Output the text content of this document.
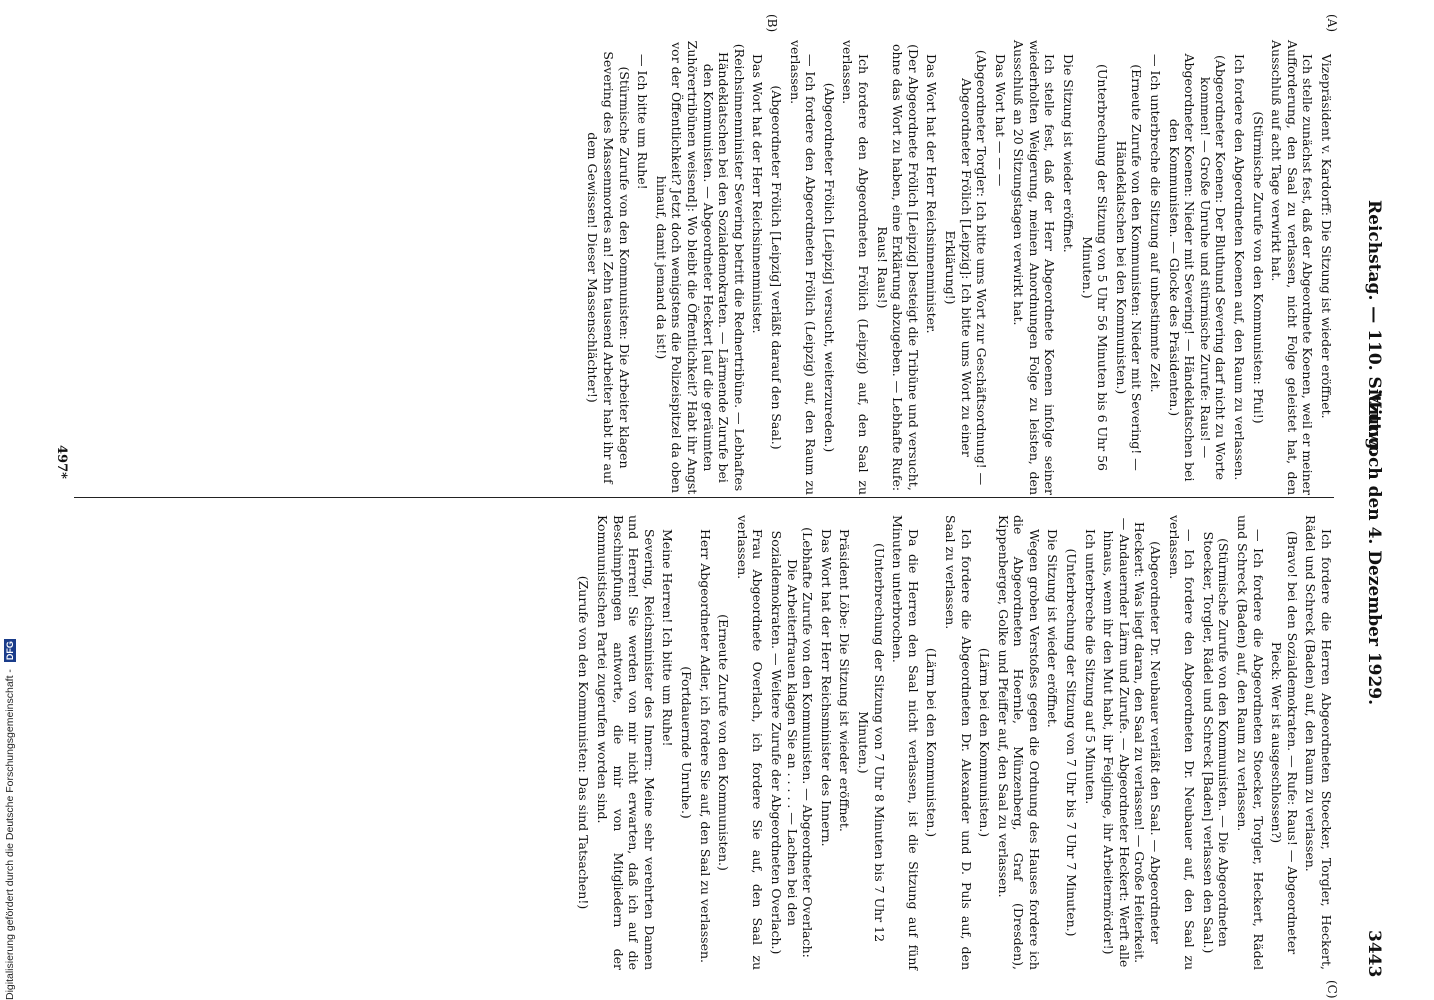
Reichstag. — 110. Sitzung.
Mittwoch den 4. Dezember 1929.
3443
(A)
(B)
(C)

Vizepräsident v. Kardorff: Die Sitzung ist wieder eröffnet.

Ich stelle zunächst fest, daß der Abgeordnete Koenen, weil er meiner Aufforderung, den Saal zu verlassen, nicht Folge geleistet hat, den Ausschluß auf acht Tage verwirkt hat.

(Stürmische Zurufe von den Kommunisten: Pfui!)

Ich fordere den Abgeordneten Koenen auf, den Raum zu verlassen.

(Abgeordneter Koenen: Der Bluthund Severing darf nicht zu Worte kommen! — Große Unruhe und stürmische Zurufe: Raus! — Abgeordneter Koenen: Nieder mit Severing! — Händeklatschen bei den Kommunisten. — Glocke des Präsidenten.)

— Ich unterbreche die Sitzung auf unbestimmte Zeit.

(Erneute Zurufe von den Kommunisten: Nieder mit Severing! — Händeklatschen bei den Kommunisten.)

(Unterbrechung der Sitzung von 5 Uhr 56 Minuten bis 6 Uhr 56 Minuten.)

Die Sitzung ist wieder eröffnet.

Ich stelle fest, daß der Herr Abgeordnete Koenen infolge seiner wiederholten Weigerung, meinen Anordnungen Folge zu leisten, den Ausschluß an 20 Sitzungstagen verwirkt hat.

Das Wort hat — — —

(Abgeordneter Torgler: Ich bitte ums Wort zur Geschäftsordnung! — Abgeordneter Frölich [Leipzig]: Ich bitte ums Wort zu einer Erklärung!)

Das Wort hat der Herr Reichsinnenminister.

(Der Abgeordnete Frölich [Leipzig] besteigt die Tribüne und versucht, ohne das Wort zu haben, eine Erklärung abzugeben. — Lebhafte Rufe: Raus! Raus!)

Ich fordere den Abgeordneten Frölich (Leipzig) auf, den Saal zu verlassen.

(Abgeordneter Frölich [Leipzig] versucht, weiterzureden.)

— Ich fordere den Abgeordneten Frölich (Leipzig) auf, den Raum zu verlassen.

(Abgeordneter Frölich [Leipzig] verläßt darauf den Saal.)

Das Wort hat der Herr Reichsinnenminister.

(Reichsinnenminister Severing betritt die Rednertribüne. — Lebhaftes Händeklatschen bei den Sozialdemokraten. — Lärmende Zurufe bei den Kommunisten. — Abgeordneter Heckert [auf die geräumten Zuhörertribünen weisend]: Wo bleibt die Öffentlichkeit? Habt ihr Angst vor der Öffentlichkeit? Jetzt doch wenigstens die Polizeispitzel da oben hinauf, damit jemand da ist!)

— Ich bitte um Ruhe!

(Stürmische Zurufe von den Kommunisten: Die Arbeiter klagen Severing des Massenmordes an! Zehn tausend Arbeiter habt ihr auf dem Gewissen! Dieser Massenschlächter!)

Ich fordere die Herren Abgeordneten Stoecker, Torgler, Heckert, Rädel und Schreck (Baden) auf, den Raum zu verlassen.

(Bravo! bei den Sozialdemokraten. — Rufe: Raus! — Abgeordneter Pieck: Wer ist ausgeschlossen?)

— Ich fordere die Abgeordneten Stoecker, Torgler, Heckert, Rädel und Schreck (Baden) auf, den Raum zu verlassen.

(Stürmische Zurufe von den Kommunisten. — Die Abgeordneten Stoecker, Torgler, Rädel und Schreck [Baden] verlassen den Saal.)

— Ich fordere den Abgeordneten Dr. Neubauer auf, den Saal zu verlassen.

(Abgeordneter Dr. Neubauer verläßt den Saal. — Abgeordneter Heckert: Was liegt daran, den Saal zu verlassen! — Große Heiterkeit. — Andauernder Lärm und Zurufe. — Abgeordneter Heckert: Werft alle hinaus, wenn ihr den Mut habt, ihr Feiglinge, ihr Arbeitermörder!)

Ich unterbreche die Sitzung auf 5 Minuten.

(Unterbrechung der Sitzung von 7 Uhr bis 7 Uhr 7 Minuten.)

Die Sitzung ist wieder eröffnet.

Wegen groben Verstoßes gegen die Ordnung des Hauses fordere ich die Abgeordneten Hoernle, Münzenberg, Graf (Dresden), Kippenberger, Golke und Pfeiffer auf, den Saal zu verlassen.

(Lärm bei den Kommunisten.)

Ich fordere die Abgeordneten Dr. Alexander und D. Puls auf, den Saal zu verlassen.

(Lärm bei den Kommunisten.)

Da die Herren den Saal nicht verlassen, ist die Sitzung auf fünf Minuten unterbrochen.

(Unterbrechung der Sitzung von 7 Uhr 8 Minuten bis 7 Uhr 12 Minuten.)

Präsident Löbe: Die Sitzung ist wieder eröffnet.

Das Wort hat der Herr Reichsminister des Innern.

(Lebhafte Zurufe von den Kommunisten. — Abgeordneter Overlach: Die Arbeiterfrauen klagen Sie an . . . . . — Lachen bei den Sozialdemokraten. — Weitere Zurufe der Abgeordneten Overlach.)

Frau Abgeordnete Overlach, ich fordere Sie auf, den Saal zu verlassen.

(Erneute Zurufe von den Kommunisten.)

Herr Abgeordneter Adler, ich fordere Sie auf, den Saal zu verlassen.

(Fortdauernde Unruhe.)

Meine Herren! Ich bitte um Ruhe!

Severing, Reichsminister des Innern: Meine sehr verehrten Damen und Herren! Sie werden von mir nicht erwarten, daß ich auf die Beschimpfungen antworte, die mir von Mitgliedern der Kommunistischen Partei zugerufen worden sind.

(Zurufe von den Kommunisten: Das sind Tatsachen!)

497*
Digitalisierung gefördert durch die Deutsche Forschungsgemeinschaft - DFG
